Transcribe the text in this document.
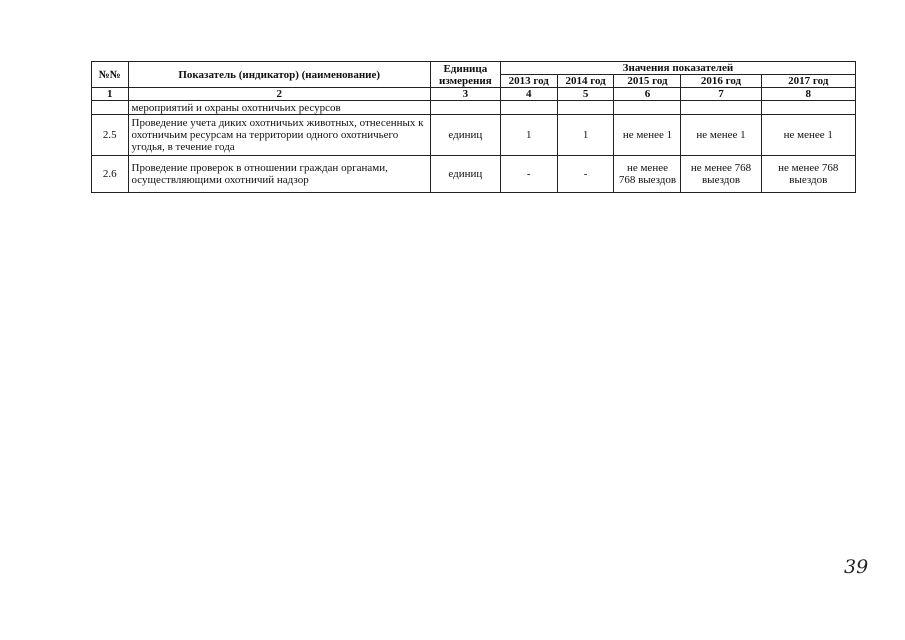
№№	Показатель (индикатор) (наименование)	Единица измерения	Значения показателей				
			2013 год	2014 год	2015 год	2016 год	2017 год
1	2	3	4	5	6	7	8
	мероприятий и охраны охотничьих ресурсов						
2.5	Проведение учета диких охотничьих животных, отнесенных к охотничьим ресурсам на территории одного охотничьего угодья, в течение года	единиц	1	1	не менее 1	не менее 1	не менее 1
2.6	Проведение проверок в отношении граждан органами, осуществляющими охотничий надзор	единиц	-	-	не менее 768 выездов	не менее 768 выездов	не менее 768 выездов
39
